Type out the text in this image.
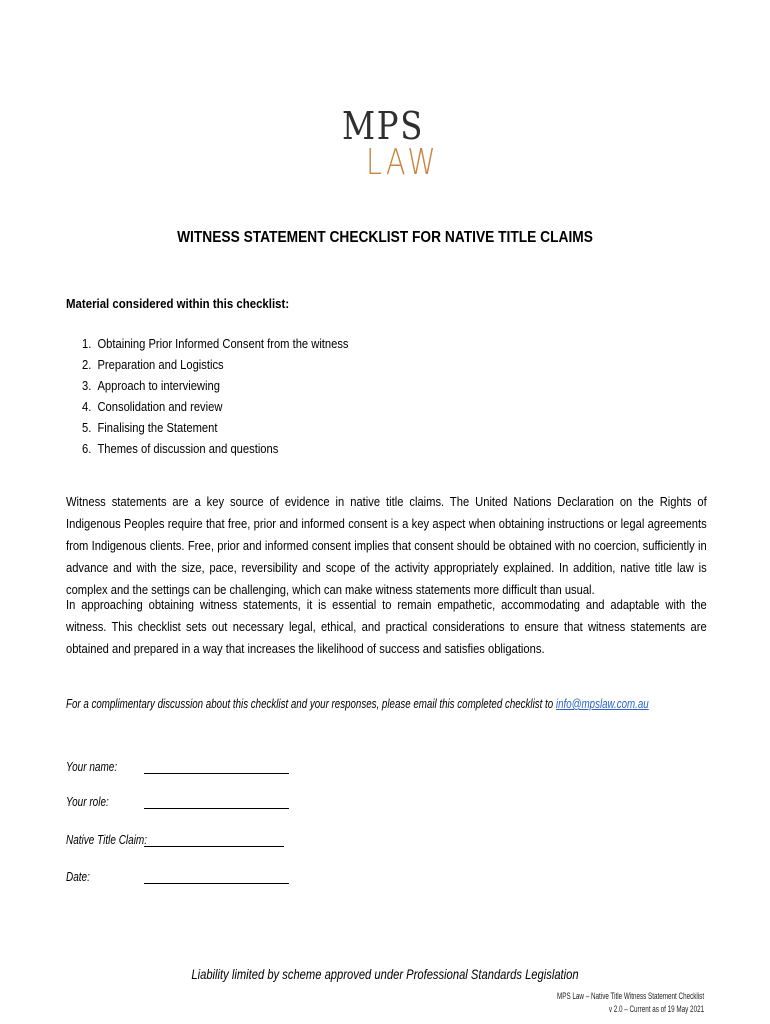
MPS
LAW
WITNESS STATEMENT CHECKLIST FOR NATIVE TITLE CLAIMS
Material considered within this checklist:
1. Obtaining Prior Informed Consent from the witness
2. Preparation and Logistics
3. Approach to interviewing
4. Consolidation and review
5. Finalising the Statement
6. Themes of discussion and questions

Witness statements are a key source of evidence in native title claims. The United Nations Declaration on the Rights of Indigenous Peoples require that free, prior and informed consent is a key aspect when obtaining instructions or legal agreements from Indigenous clients. Free, prior and informed consent implies that consent should be obtained with no coercion, sufficiently in advance and with the size, pace, reversibility and scope of the activity appropriately explained. In addition, native title law is complex and the settings can be challenging, which can make witness statements more difficult than usual.

In approaching obtaining witness statements, it is essential to remain empathetic, accommodating and adaptable with the witness. This checklist sets out necessary legal, ethical, and practical considerations to ensure that witness statements are obtained and prepared in a way that increases the likelihood of success and satisfies obligations.

For a complimentary discussion about this checklist and your responses, please email this completed checklist to info@mpslaw.com.au
Your name:
Your role:
Native Title Claim:
Date:
Liability limited by scheme approved under Professional Standards Legislation
MPS Law – Native Title Witness Statement Checklist
v 2.0 – Current as of 19 May 2021
